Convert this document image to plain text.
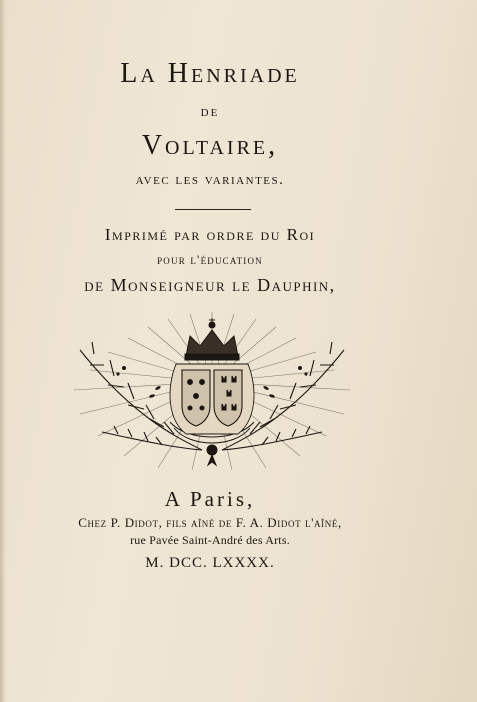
La Henriade
de
Voltaire,
avec les variantes.
Imprimé par ordre du Roi
pour l'éducation
de Monseigneur le Dauphin,
A Paris,
Chez P. Didot, fils aîné de F. A. Didot l'aîné,
rue Pavée Saint-André des Arts.
M. DCC. LXXXX.
